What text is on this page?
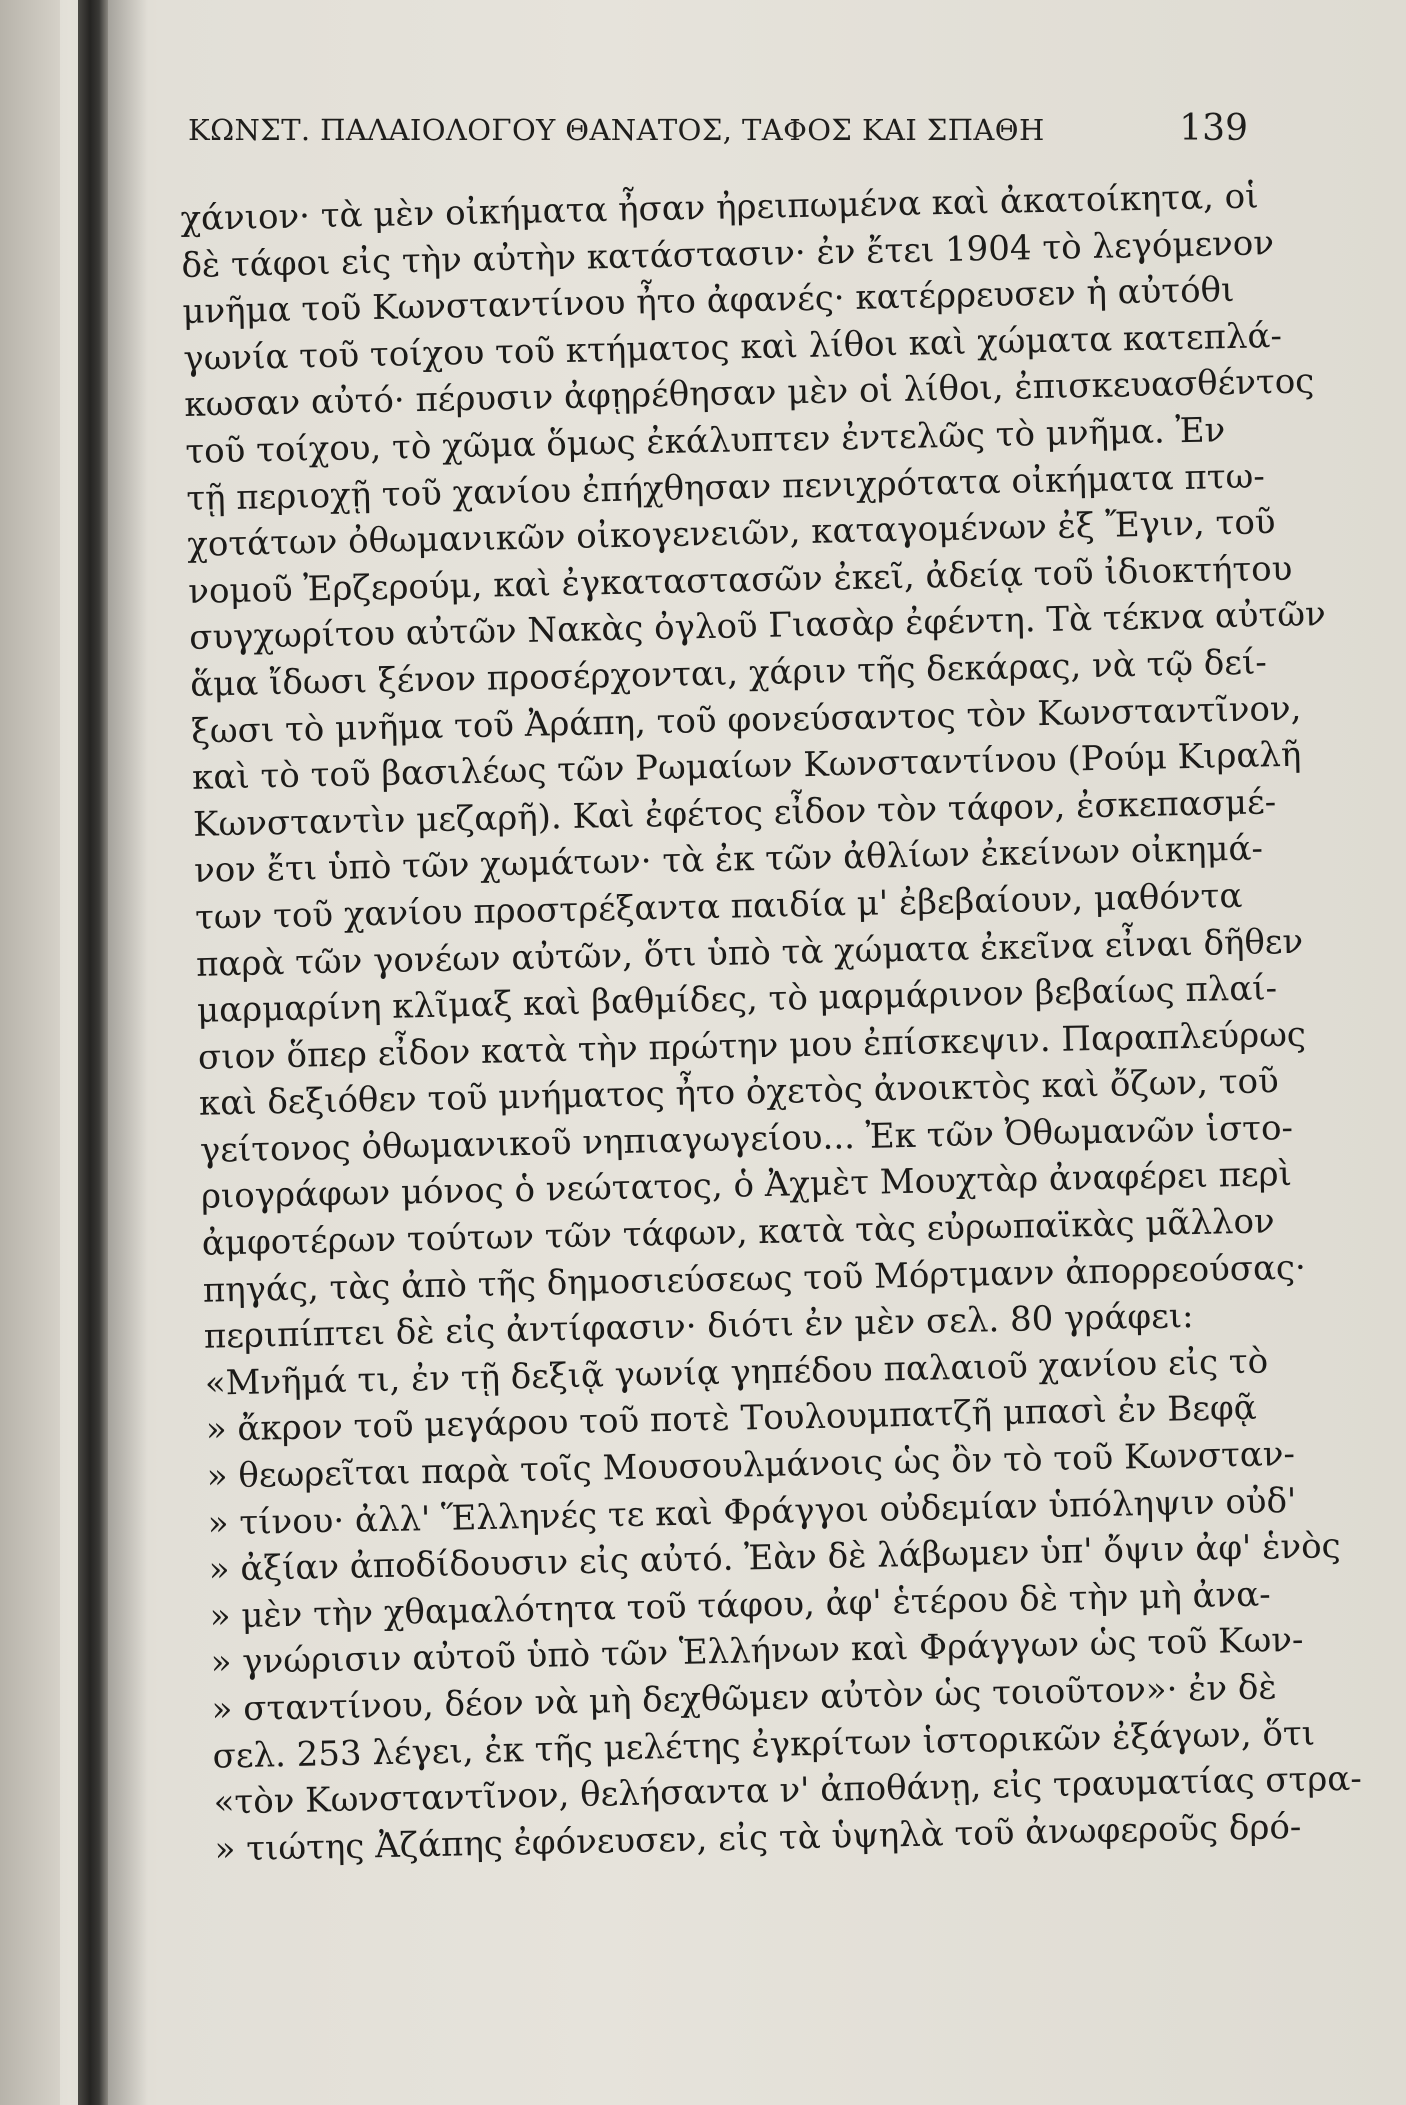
ΚΩΝΣΤ. ΠΑΛΑΙΟΛΟΓΟΥ ΘΑΝΑΤΟΣ, ΤΑΦΟΣ ΚΑΙ ΣΠΑΘΗ	139
χάνιον· τὰ μὲν οἰκήματα ἦσαν ἠρειπωμένα καὶ ἀκατοίκητα, οἱ
δὲ τάφοι εἰς τὴν αὐτὴν κατάστασιν· ἐν ἔτει 1904 τὸ λεγόμενον
μνῆμα τοῦ Κωνσταντίνου ἦτο ἀφανές· κατέρρευσεν ἡ αὐτόθι
γωνία τοῦ τοίχου τοῦ κτήματος καὶ λίθοι καὶ χώματα κατεπλά-
κωσαν αὐτό· πέρυσιν ἀφῃρέθησαν μὲν οἱ λίθοι, ἐπισκευασθέντος
τοῦ τοίχου, τὸ χῶμα ὅμως ἐκάλυπτεν ἐντελῶς τὸ μνῆμα. Ἐν
τῇ περιοχῇ τοῦ χανίου ἐπήχθησαν πενιχρότατα οἰκήματα πτω-
χοτάτων ὀθωμανικῶν οἰκογενειῶν, καταγομένων ἐξ Ἔγιν, τοῦ
νομοῦ Ἐρζερούμ, καὶ ἐγκαταστασῶν ἐκεῖ, ἀδείᾳ τοῦ ἰδιοκτήτου
συγχωρίτου αὐτῶν Νακὰς ὀγλοῦ Γιασὰρ ἐφέντη. Τὰ τέκνα αὐτῶν
ἅμα ἴδωσι ξένον προσέρχονται, χάριν τῆς δεκάρας, νὰ τῷ δεί-
ξωσι τὸ μνῆμα τοῦ Ἀράπη, τοῦ φονεύσαντος τὸν Κωνσταντῖνον,
καὶ τὸ τοῦ βασιλέως τῶν Ρωμαίων Κωνσταντίνου (Ρούμ Κιραλῆ
Κωνσταντὶν μεζαρῆ). Καὶ ἐφέτος εἶδον τὸν τάφον, ἐσκεπασμέ-
νον ἔτι ὑπὸ τῶν χωμάτων· τὰ ἐκ τῶν ἀθλίων ἐκείνων οἰκημά-
των τοῦ χανίου προστρέξαντα παιδία μ' ἐβεβαίουν, μαθόντα
παρὰ τῶν γονέων αὐτῶν, ὅτι ὑπὸ τὰ χώματα ἐκεῖνα εἶναι δῆθεν
μαρμαρίνη κλῖμαξ καὶ βαθμίδες, τὸ μαρμάρινον βεβαίως πλαί-
σιον ὅπερ εἶδον κατὰ τὴν πρώτην μου ἐπίσκεψιν. Παραπλεύρως
καὶ δεξιόθεν τοῦ μνήματος ἦτο ὀχετὸς ἀνοικτὸς καὶ ὄζων, τοῦ
γείτονος ὀθωμανικοῦ νηπιαγωγείου... Ἐκ τῶν Ὀθωμανῶν ἱστο-
ριογράφων μόνος ὁ νεώτατος, ὁ Ἀχμὲτ Μουχτὰρ ἀναφέρει περὶ
ἀμφοτέρων τούτων τῶν τάφων, κατὰ τὰς εὐρωπαϊκὰς μᾶλλον
πηγάς, τὰς ἀπὸ τῆς δημοσιεύσεως τοῦ Μόρτμανν ἀπορρεούσας·
περιπίπτει δὲ εἰς ἀντίφασιν· διότι ἐν μὲν σελ. 80 γράφει:
«Μνῆμά τι, ἐν τῇ δεξιᾷ γωνίᾳ γηπέδου παλαιοῦ χανίου εἰς τὸ
» ἄκρον τοῦ μεγάρου τοῦ ποτὲ Τουλουμπατζῆ μπασὶ ἐν Βεφᾷ
» θεωρεῖται παρὰ τοῖς Μουσουλμάνοις ὡς ὂν τὸ τοῦ Κωνσταν-
» τίνου· ἀλλ' Ἕλληνές τε καὶ Φράγγοι οὐδεμίαν ὑπόληψιν οὐδ'
» ἀξίαν ἀποδίδουσιν εἰς αὐτό. Ἐὰν δὲ λάβωμεν ὑπ' ὄψιν ἀφ' ἑνὸς
» μὲν τὴν χθαμαλότητα τοῦ τάφου, ἀφ' ἑτέρου δὲ τὴν μὴ ἀνα-
» γνώρισιν αὐτοῦ ὑπὸ τῶν Ἑλλήνων καὶ Φράγγων ὡς τοῦ Κων-
» σταντίνου, δέον νὰ μὴ δεχθῶμεν αὐτὸν ὡς τοιοῦτον»· ἐν δὲ
σελ. 253 λέγει, ἐκ τῆς μελέτης ἐγκρίτων ἱστορικῶν ἐξάγων, ὅτι
«τὸν Κωνσταντῖνον, θελήσαντα ν' ἀποθάνῃ, εἰς τραυματίας στρα-
» τιώτης Ἀζάπης ἐφόνευσεν, εἰς τὰ ὑψηλὰ τοῦ ἀνωφεροῦς δρό-
